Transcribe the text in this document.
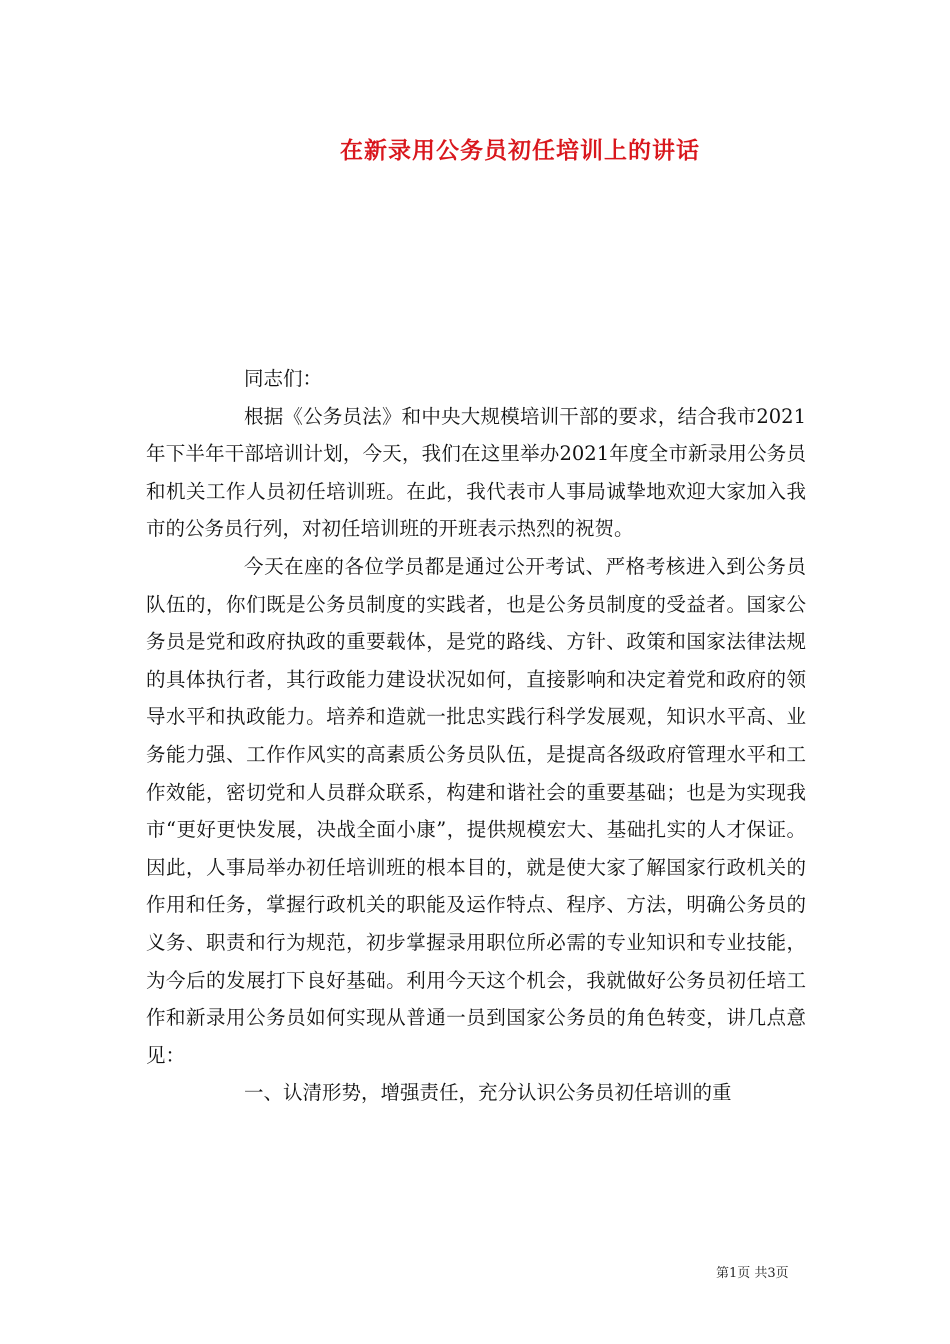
在新录用公务员初任培训上的讲话

同志们：

根据《公务员法》和中央大规模培训干部的要求，结合我市2021年下半年干部培训计划，今天，我们在这里举办2021年度全市新录用公务员和机关工作人员初任培训班。在此，我代表市人事局诚挚地欢迎大家加入我市的公务员行列，对初任培训班的开班表示热烈的祝贺。

今天在座的各位学员都是通过公开考试、严格考核进入到公务员队伍的，你们既是公务员制度的实践者，也是公务员制度的受益者。国家公务员是党和政府执政的重要载体，是党的路线、方针、政策和国家法律法规的具体执行者，其行政能力建设状况如何，直接影响和决定着党和政府的领导水平和执政能力。培养和造就一批忠实践行科学发展观，知识水平高、业务能力强、工作作风实的高素质公务员队伍，是提高各级政府管理水平和工作效能，密切党和人员群众联系，构建和谐社会的重要基础；也是为实现我市“更好更快发展，决战全面小康”，提供规模宏大、基础扎实的人才保证。因此，人事局举办初任培训班的根本目的，就是使大家了解国家行政机关的作用和任务，掌握行政机关的职能及运作特点、程序、方法，明确公务员的义务、职责和行为规范，初步掌握录用职位所必需的专业知识和专业技能，为今后的发展打下良好基础。利用今天这个机会，我就做好公务员初任培工作和新录用公务员如何实现从普通一员到国家公务员的角色转变，讲几点意见：

一、认清形势，增强责任，充分认识公务员初任培训的重

第1页 共3页
